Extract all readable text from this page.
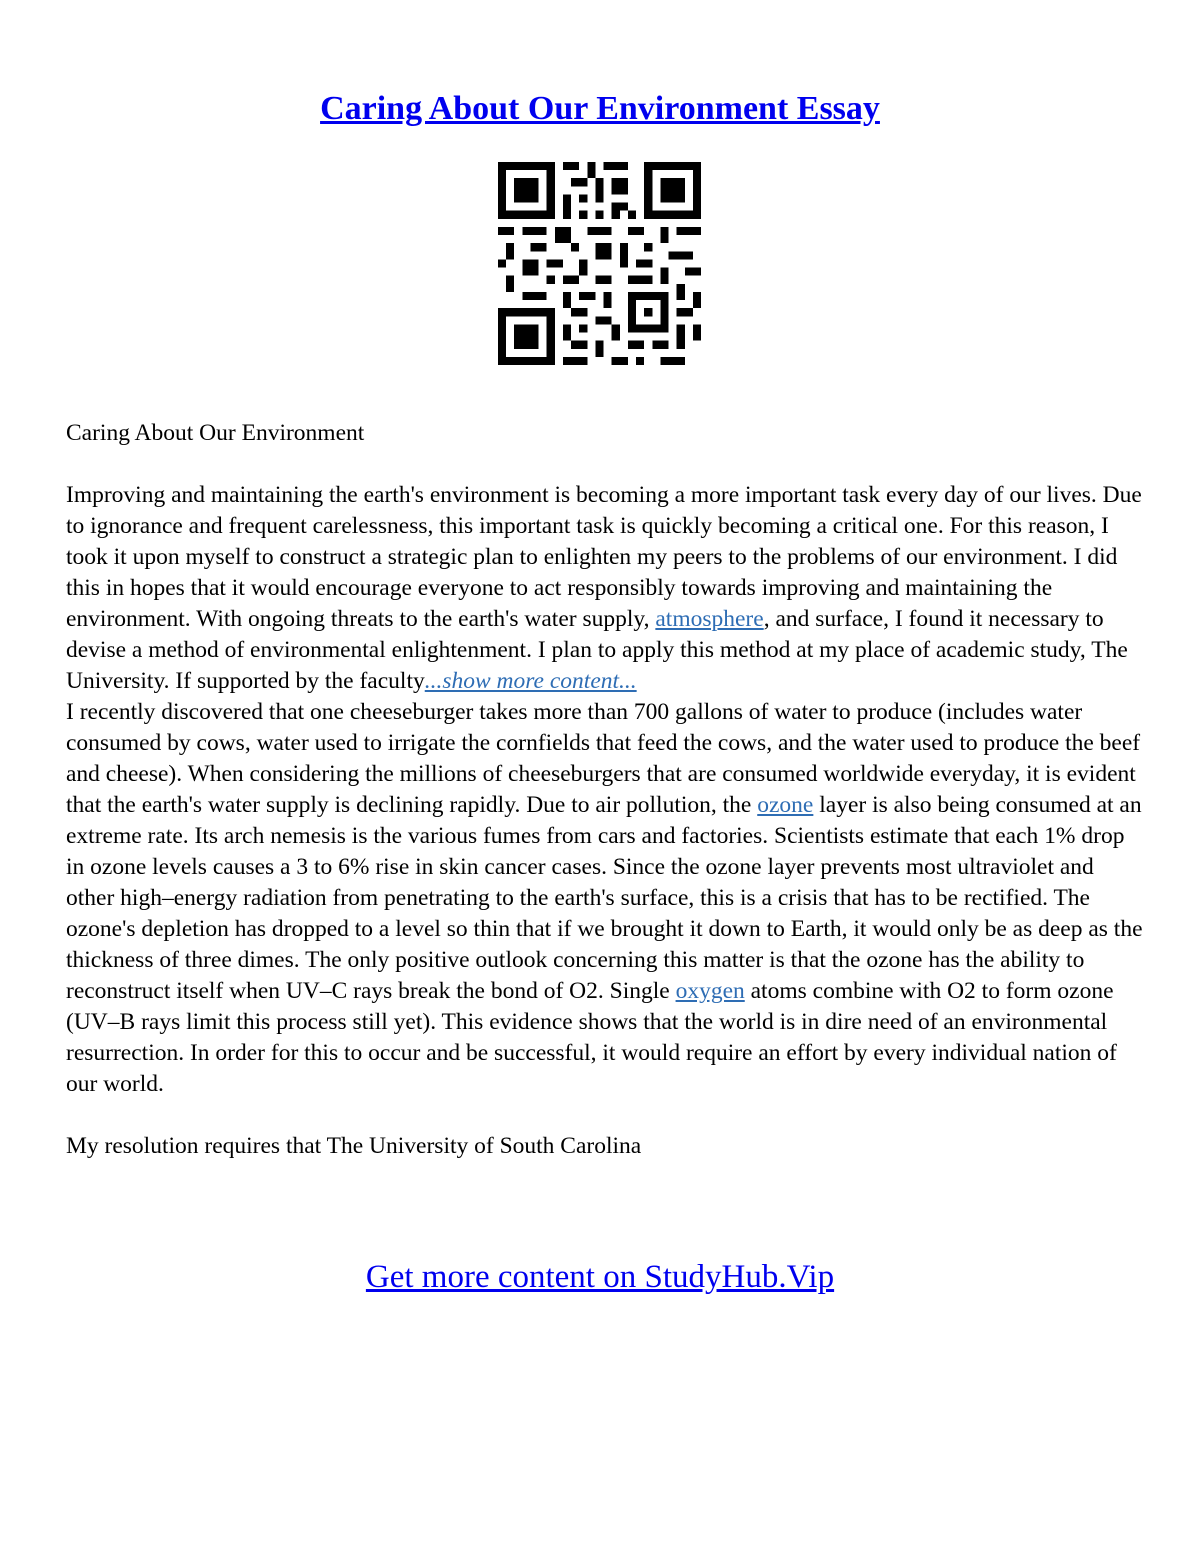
Caring About Our Environment Essay

Caring About Our Environment

Improving and maintaining the earth's environment is becoming a more important task every day of our lives. Due to ignorance and frequent carelessness, this important task is quickly becoming a critical one. For this reason, I took it upon myself to construct a strategic plan to enlighten my peers to the problems of our environment. I did this in hopes that it would encourage everyone to act responsibly towards improving and maintaining the environment. With ongoing threats to the earth's water supply, atmosphere, and surface, I found it necessary to devise a method of environmental enlightenment. I plan to apply this method at my place of academic study, The University. If supported by the faculty...show more content...

I recently discovered that one cheeseburger takes more than 700 gallons of water to produce (includes water consumed by cows, water used to irrigate the cornfields that feed the cows, and the water used to produce the beef and cheese). When considering the millions of cheeseburgers that are consumed worldwide everyday, it is evident that the earth's water supply is declining rapidly. Due to air pollution, the ozone layer is also being consumed at an extreme rate. Its arch nemesis is the various fumes from cars and factories. Scientists estimate that each 1% drop in ozone levels causes a 3 to 6% rise in skin cancer cases. Since the ozone layer prevents most ultraviolet and other high–energy radiation from penetrating to the earth's surface, this is a crisis that has to be rectified. The ozone's depletion has dropped to a level so thin that if we brought it down to Earth, it would only be as deep as the thickness of three dimes. The only positive outlook concerning this matter is that the ozone has the ability to reconstruct itself when UV–C rays break the bond of O2. Single oxygen atoms combine with O2 to form ozone (UV–B rays limit this process still yet). This evidence shows that the world is in dire need of an environmental resurrection. In order for this to occur and be successful, it would require an effort by every individual nation of our world.

My resolution requires that The University of South Carolina

Get more content on StudyHub.Vip
